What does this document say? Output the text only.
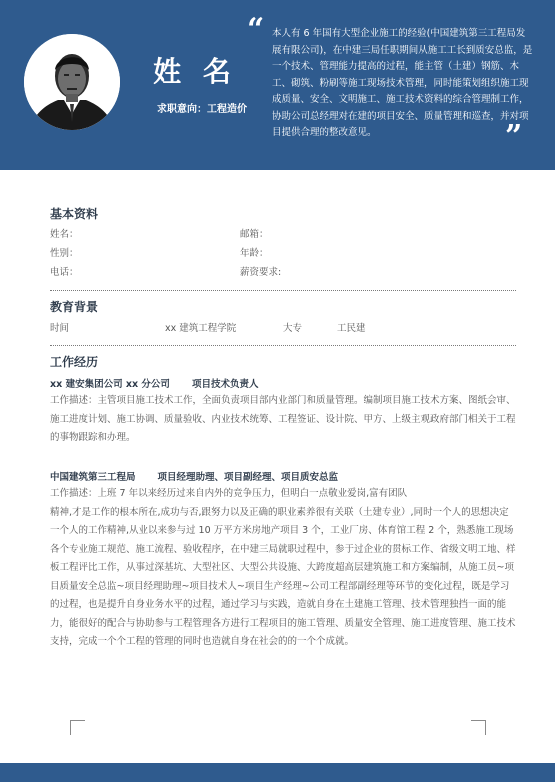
姓 名
求职意向：工程造价
“ 本人有 6 年国有大型企业施工的经验(中国建筑第三工程局发展有限公司)，在中建三局任职期间从施工工长到质安总监，是一个技术、管理能力提高的过程，能主管（土建）钢筋、木工、砌筑、粉刷等施工现场技术管理，同时能策划组织施工现成质量、安全、文明施工、施工技术资料的综合管理制工作，协助公司总经理对在建的项目安全、质量管理和巡查，并对项目提供合理的整改意见。	”
基本资料
姓名：	邮箱：
性别：	年龄：
电话：	薪资要求:
教育背景
时间	xx 建筑工程学院	大专	工民建
工作经历
xx 建安集团公司 xx 分公司 项目技术负责人
工作描述：主管项目施工技术工作，全面负责项目部内业部门和质量管理。编制项目施工技术方案、图纸会审、施工进度计划、施工协调、质量验收、内业技术统筹、工程签证、设计院、甲方、上级主观政府部门相关于工程的事物跟踪和办理。
中国建筑第三工程局 项目经理助理、项目副经理、项目质安总监
工作描述：上班 7 年以来经历过来自内外的竞争压力，但明白一点敬业爱岗,富有团队
精神,才是工作的根本所在,成功与否,跟努力以及正确的职业素养很有关联（土建专业）,同时一个人的思想决定一个人的工作精神,从业以来参与过 10 万平方米房地产项目 3 个，工业厂房、体育馆工程 2 个，熟悉施工现场各个专业施工规范、施工流程、验收程序，在中建三局就职过程中，参于过企业的贯标工作、省级文明工地、样板工程评比工作，从事过深基坑、大型社区、大型公共设施、大跨度超高层建筑施工和方案编制，从施工员~项目质量安全总监~项目经理助理~项目技术人~项目生产经理~公司工程部副经理等环节的变化过程，既是学习的过程，也是提升自身业务水平的过程，通过学习与实践，造就自身在土建施工管理、技术管理独挡一面的能力，能很好的配合与协助参与工程管理各方进行工程项目的施工管理、质量安全管理、施工进度管理、施工技术支持，完成一个个工程的管理的同时也造就自身在社会的的一个个成就。
